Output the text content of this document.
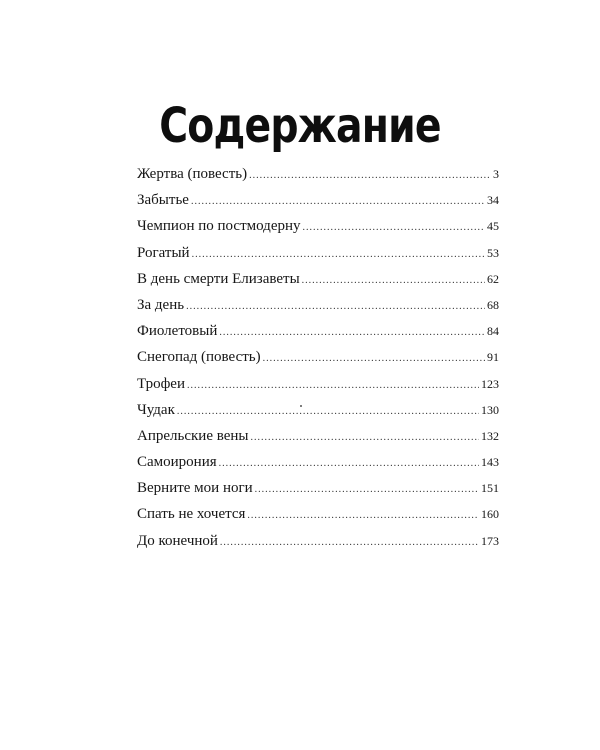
Содержание
Жертва (повесть) .....	3
Забытье .....	34
Чемпион по постмодерну .....	45
Рогатый .....	53
В день смерти Елизаветы .....	62
За день .....	68
Фиолетовый .....	84
Снегопад (повесть) .....	91
Трофеи .....	123
Чудак .....	130
Апрельские вены .....	132
Самоирония .....	143
Верните мои ноги .....	151
Спать не хочется .....	160
До конечной .....	173
